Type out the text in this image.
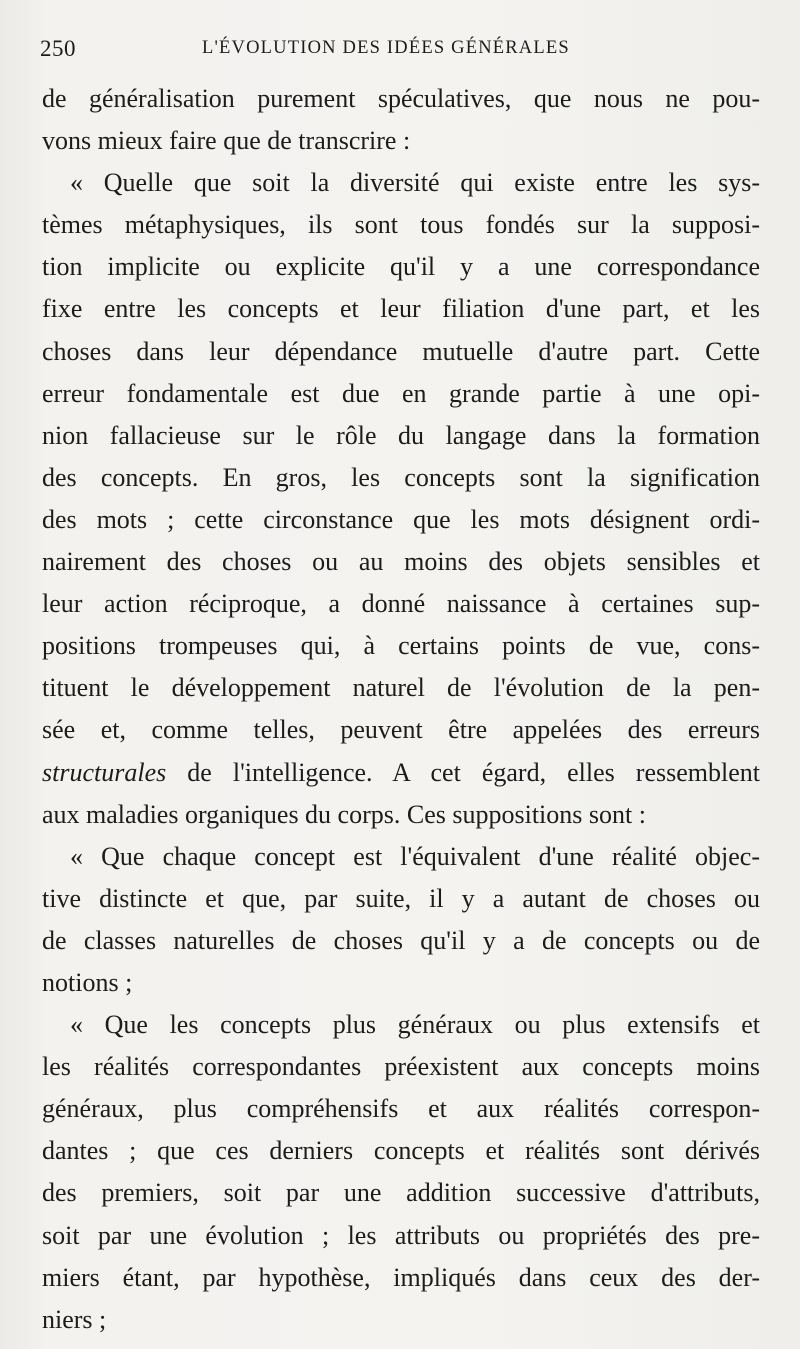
250	L'ÉVOLUTION DES IDÉES GÉNÉRALES
de généralisation purement spéculatives, que nous ne pou-
vons mieux faire que de transcrire :
« Quelle que soit la diversité qui existe entre les sys-
tèmes métaphysiques, ils sont tous fondés sur la supposi-
tion implicite ou explicite qu'il y a une correspondance
fixe entre les concepts et leur filiation d'une part, et les
choses dans leur dépendance mutuelle d'autre part. Cette
erreur fondamentale est due en grande partie à une opi-
nion fallacieuse sur le rôle du langage dans la formation
des concepts. En gros, les concepts sont la signification
des mots ; cette circonstance que les mots désignent ordi-
nairement des choses ou au moins des objets sensibles et
leur action réciproque, a donné naissance à certaines sup-
positions trompeuses qui, à certains points de vue, cons-
tituent le développement naturel de l'évolution de la pen-
sée et, comme telles, peuvent être appelées des erreurs
structurales de l'intelligence. A cet égard, elles ressemblent
aux maladies organiques du corps. Ces suppositions sont :
« Que chaque concept est l'équivalent d'une réalité objec-
tive distincte et que, par suite, il y a autant de choses ou
de classes naturelles de choses qu'il y a de concepts ou de
notions ;
« Que les concepts plus généraux ou plus extensifs et
les réalités correspondantes préexistent aux concepts moins
généraux, plus compréhensifs et aux réalités correspon-
dantes ; que ces derniers concepts et réalités sont dérivés
des premiers, soit par une addition successive d'attributs,
soit par une évolution ; les attributs ou propriétés des pre-
miers étant, par hypothèse, impliqués dans ceux des der-
niers ;
